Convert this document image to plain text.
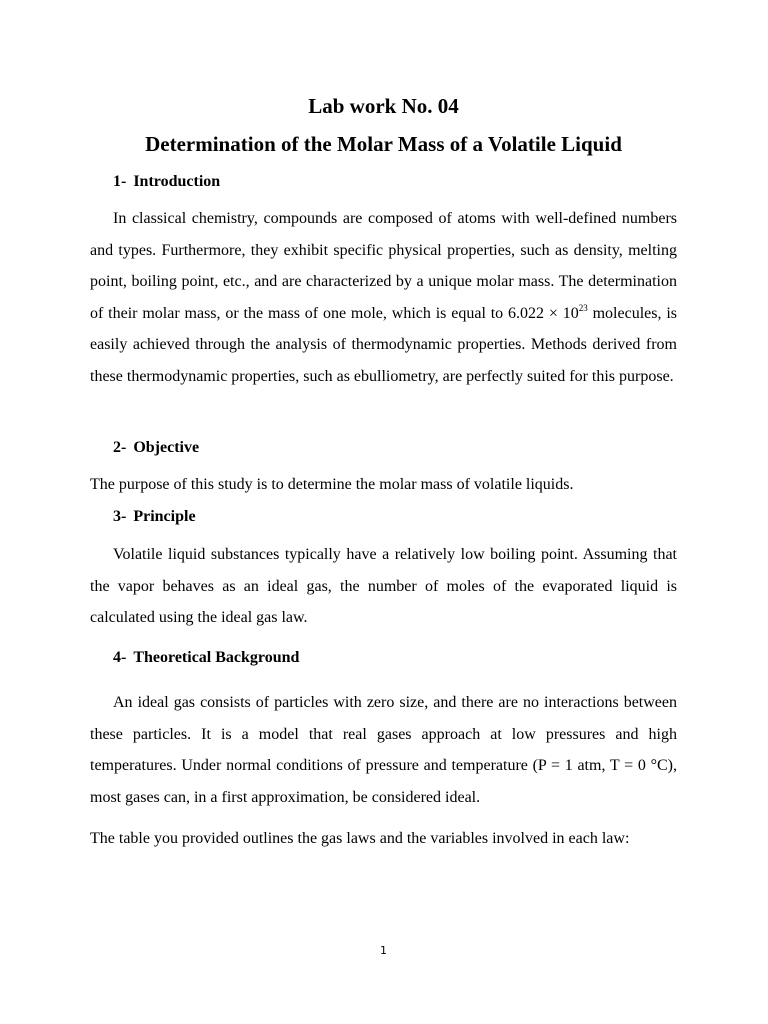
Lab work No. 04
Determination of the Molar Mass of a Volatile Liquid
1- Introduction
In classical chemistry, compounds are composed of atoms with well-defined numbers and types. Furthermore, they exhibit specific physical properties, such as density, melting point, boiling point, etc., and are characterized by a unique molar mass. The determination of their molar mass, or the mass of one mole, which is equal to $6.022 \times 10^{23}$ molecules, is easily achieved through the analysis of thermodynamic properties. Methods derived from these thermodynamic properties, such as ebulliometry, are perfectly suited for this purpose.
2- Objective
The purpose of this study is to determine the molar mass of volatile liquids.
3- Principle
Volatile liquid substances typically have a relatively low boiling point. Assuming that the vapor behaves as an ideal gas, the number of moles of the evaporated liquid is calculated using the ideal gas law.
4- Theoretical Background
An ideal gas consists of particles with zero size, and there are no interactions between these particles. It is a model that real gases approach at low pressures and high temperatures. Under normal conditions of pressure and temperature (P = 1 atm, T = 0 °C), most gases can, in a first approximation, be considered ideal.
The table you provided outlines the gas laws and the variables involved in each law:
1
